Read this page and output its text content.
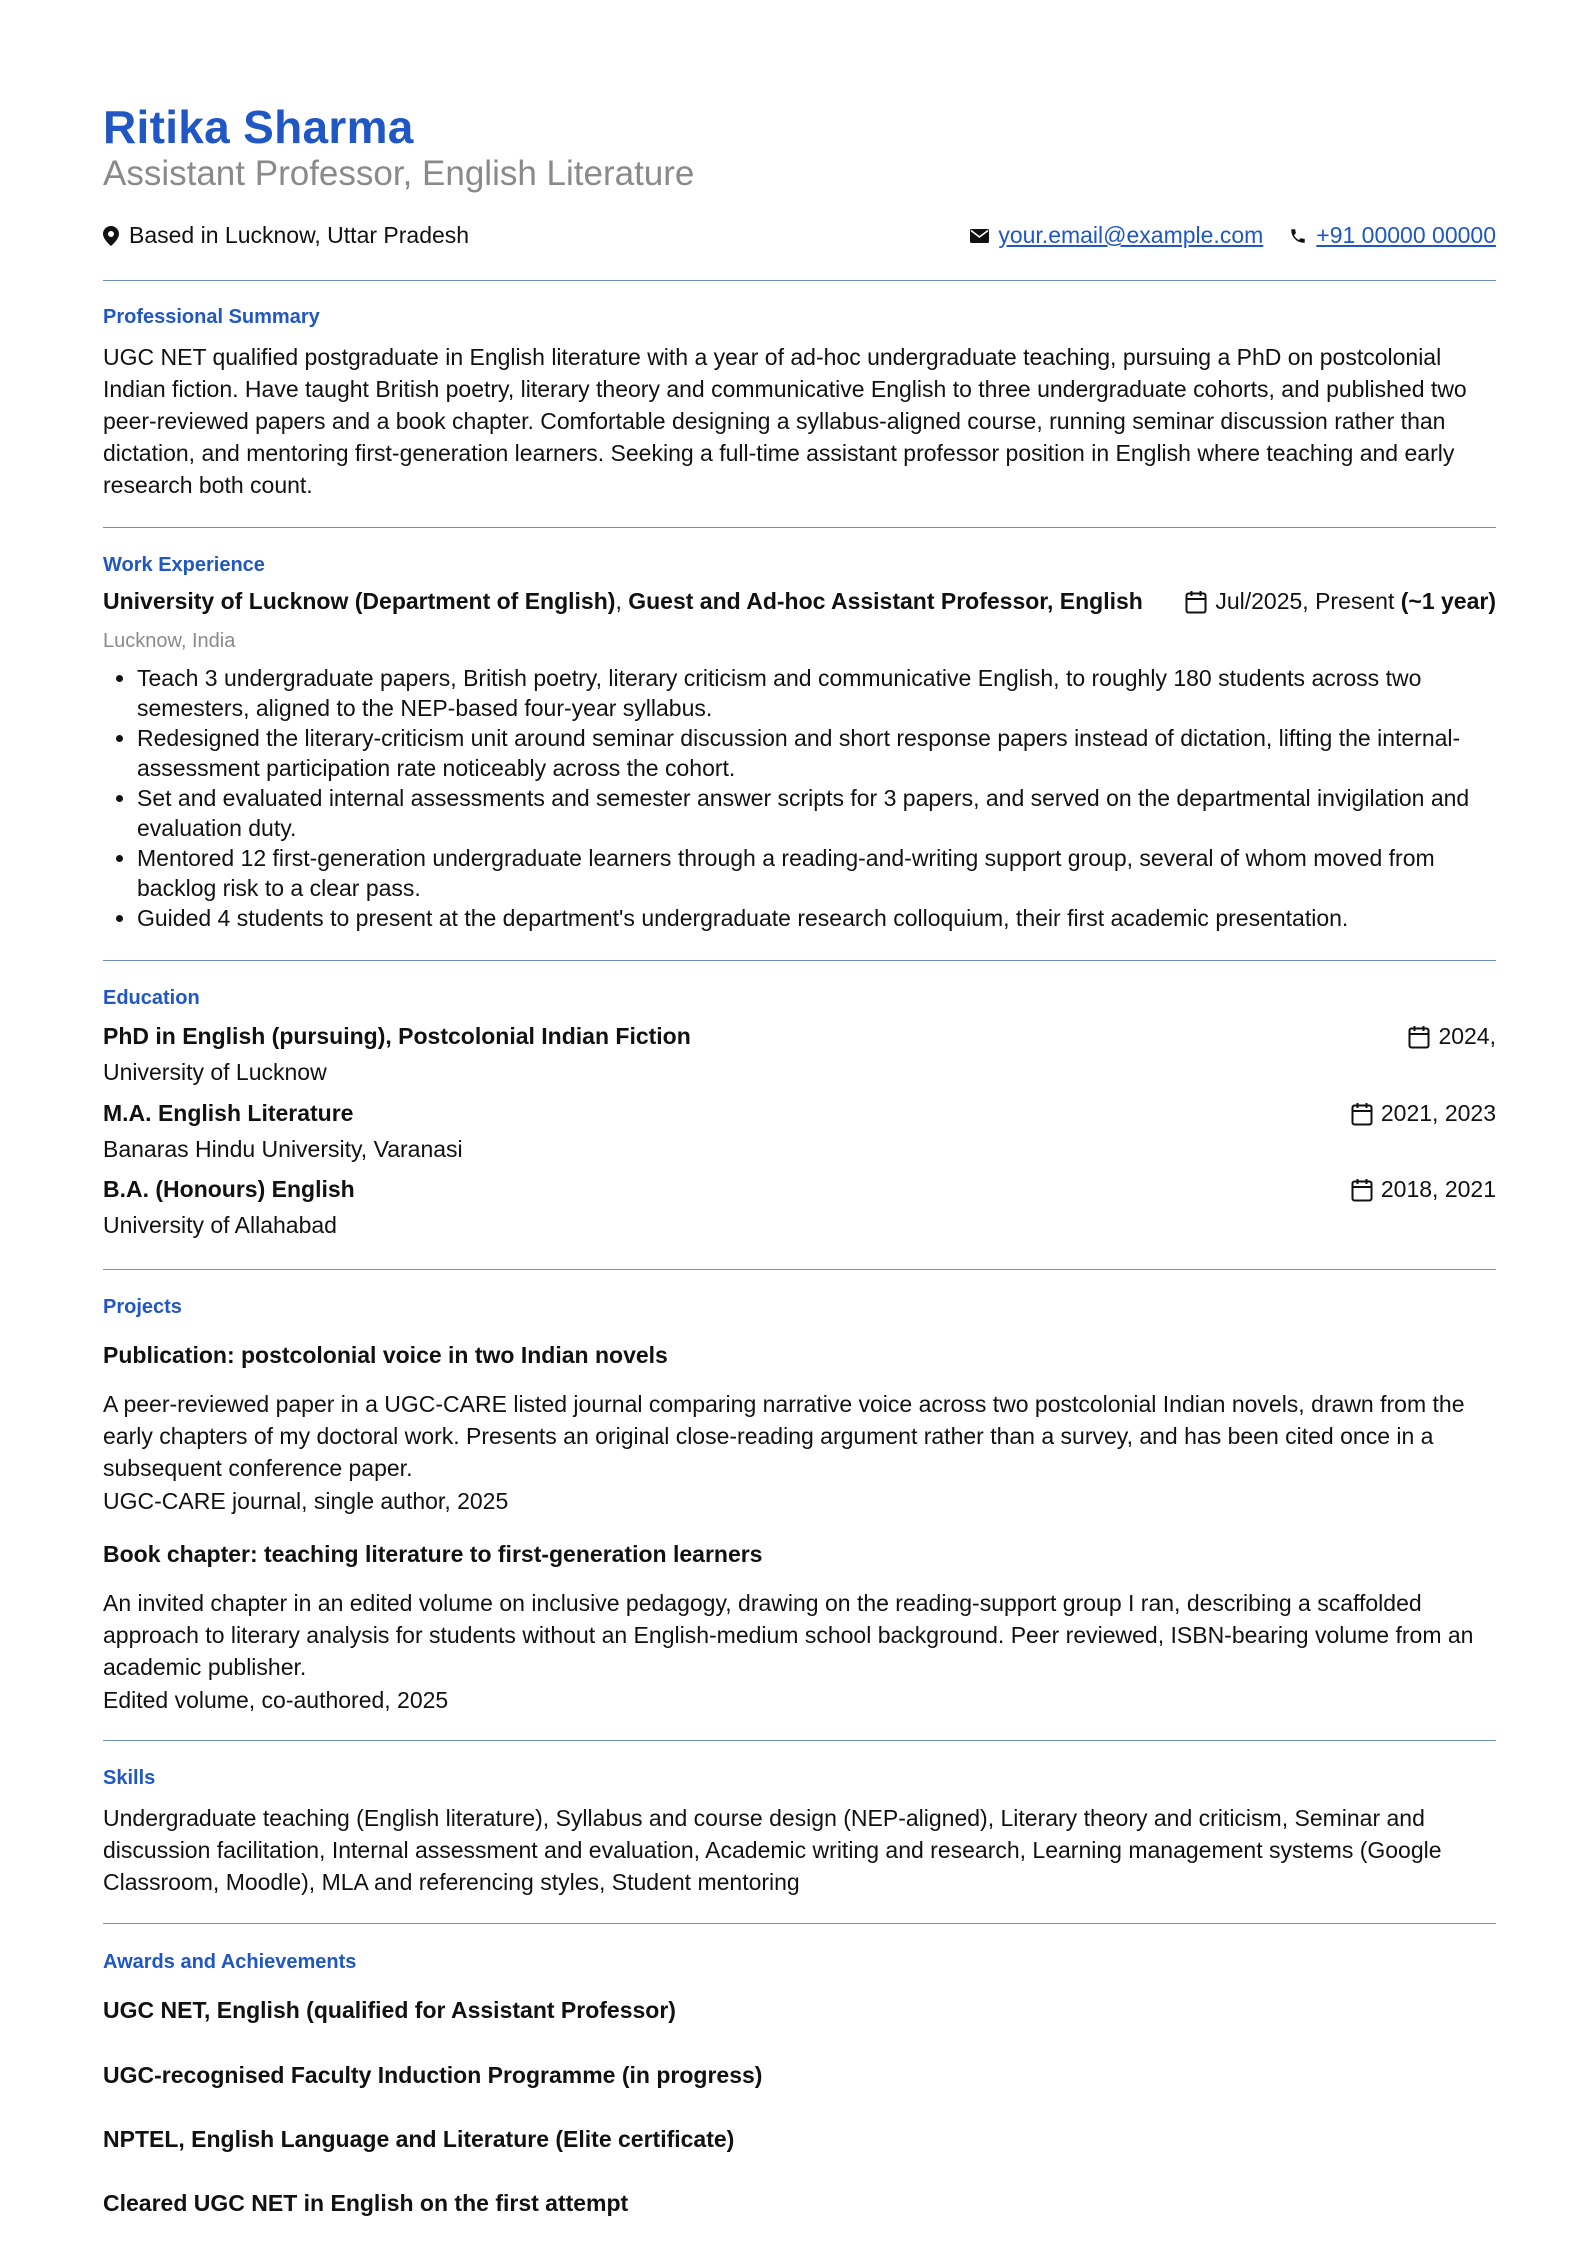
Ritika Sharma
Assistant Professor, English Literature
Based in Lucknow, Uttar Pradesh	your.email@example.com +91 00000 00000
Professional Summary
UGC NET qualified postgraduate in English literature with a year of ad-hoc undergraduate teaching, pursuing a PhD on postcolonial Indian fiction. Have taught British poetry, literary theory and communicative English to three undergraduate cohorts, and published two peer-reviewed papers and a book chapter. Comfortable designing a syllabus-aligned course, running seminar discussion rather than dictation, and mentoring first-generation learners. Seeking a full-time assistant professor position in English where teaching and early research both count.
Work Experience
University of Lucknow (Department of English), Guest and Ad-hoc Assistant Professor, English	Jul/2025, Present
(~1 year)
Lucknow, India
• Teach 3 undergraduate papers, British poetry, literary criticism and communicative English, to roughly 180 students across two semesters, aligned to the NEP-based four-year syllabus.
• Redesigned the literary-criticism unit around seminar discussion and short response papers instead of dictation, lifting the internal-assessment participation rate noticeably across the cohort.
• Set and evaluated internal assessments and semester answer scripts for 3 papers, and served on the departmental invigilation and evaluation duty.
• Mentored 12 first-generation undergraduate learners through a reading-and-writing support group, several of whom moved from backlog risk to a clear pass.
• Guided 4 students to present at the department's undergraduate research colloquium, their first academic presentation.
Education
PhD in English (pursuing), Postcolonial Indian Fiction	2024,
University of Lucknow
M.A. English Literature	2021, 2023
Banaras Hindu University, Varanasi
B.A. (Honours) English	2018, 2021
University of Allahabad
Projects
Publication: postcolonial voice in two Indian novels
A peer-reviewed paper in a UGC-CARE listed journal comparing narrative voice across two postcolonial Indian novels, drawn from the early chapters of my doctoral work. Presents an original close-reading argument rather than a survey, and has been cited once in a subsequent conference paper.
UGC-CARE journal, single author, 2025
Book chapter: teaching literature to first-generation learners
An invited chapter in an edited volume on inclusive pedagogy, drawing on the reading-support group I ran, describing a scaffolded approach to literary analysis for students without an English-medium school background. Peer reviewed, ISBN-bearing volume from an academic publisher.
Edited volume, co-authored, 2025
Skills
Undergraduate teaching (English literature), Syllabus and course design (NEP-aligned), Literary theory and criticism, Seminar and discussion facilitation, Internal assessment and evaluation, Academic writing and research, Learning management systems (Google Classroom, Moodle), MLA and referencing styles, Student mentoring
Awards and Achievements
UGC NET, English (qualified for Assistant Professor)
UGC-recognised Faculty Induction Programme (in progress)
NPTEL, English Language and Literature (Elite certificate)
Cleared UGC NET in English on the first attempt
